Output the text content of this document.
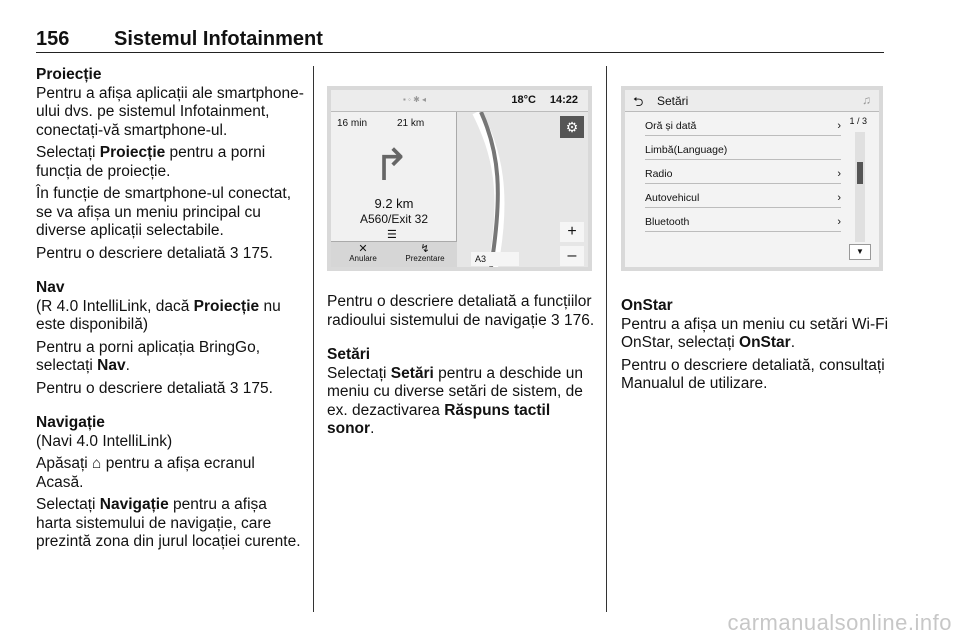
156 Sistemul Infotainment
Proiecție

Pentru a afișa aplicații ale smartphone-ului dvs. pe sistemul Infotainment, conectați-vă smartphone-ul.

Selectați Proiecție pentru a porni funcția de proiecție.

În funcție de smartphone-ul conectat, se va afișa un meniu principal cu diverse aplicații selectabile.

Pentru o descriere detaliată 3 175.

Nav

(R 4.0 IntelliLink, dacă Proiecție nu este disponibilă)

Pentru a porni aplicația BringGo, selectați Nav.

Pentru o descriere detaliată 3 175.

Navigație

(Navi 4.0 IntelliLink)

Apăsați ⌂ pentru a afișa ecranul Acasă.

Selectați Navigație pentru a afișa harta sistemului de navigație, care prezintă zona din jurul locației curente.

▪ ◦ ✱ ◂	18°C 14:22
16 min	21 km
↱
9.2 km
A560/Exit 32
☰
✕
Anulare
↯
Prezentare
⚙
+
–
A3

Pentru o descriere detaliată a funcțiilor radioului sistemului de navigație 3 176.

Setări

Selectați Setări pentru a deschide un meniu cu diverse setări de sistem, de ex. dezactivarea Răspuns tactil sonor.

⮌ Setări	♫
Oră și dată	›
Limbă(Language)
Radio	›
Autovehicul	›
Bluetooth	›
1 / 3
▼
OnStar

Pentru a afișa un meniu cu setări Wi-Fi OnStar, selectați OnStar.

Pentru o descriere detaliată, consultați Manualul de utilizare.

carmanualsonline.info
